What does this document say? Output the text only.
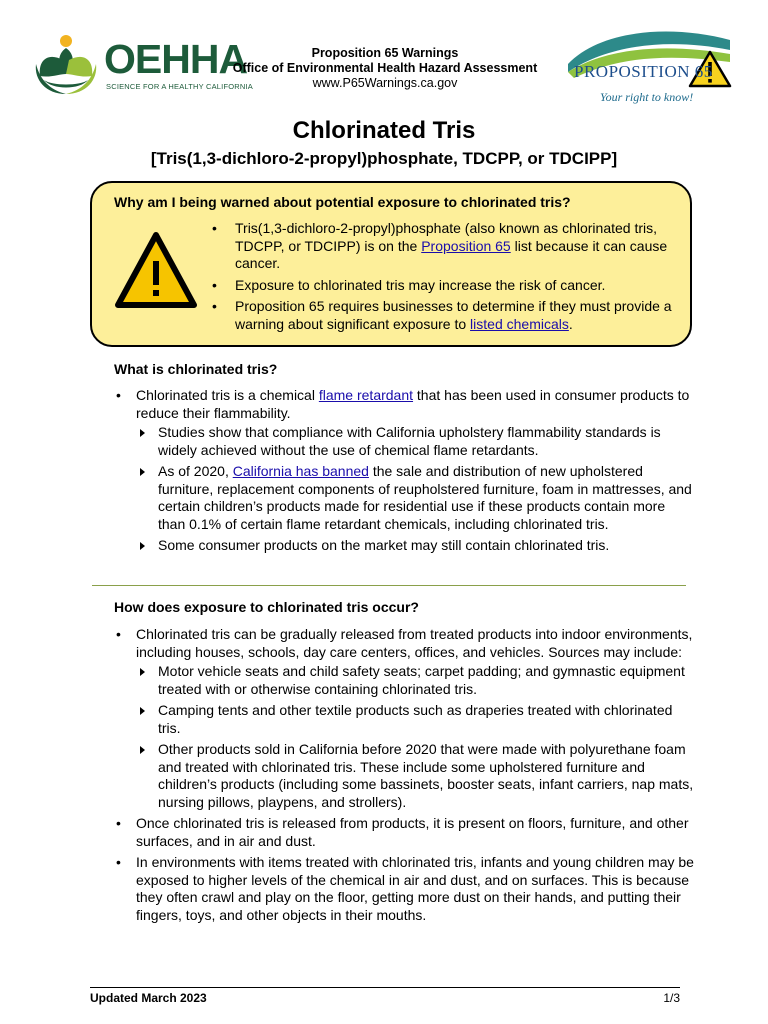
OEHHA
SCIENCE FOR A HEALTHY CALIFORNIA
Proposition 65 Warnings
Office of Environmental Health Hazard Assessment
www.P65Warnings.ca.gov
PROPOSITION 65
Your right to know!
Chlorinated Tris
[Tris(1,3-dichloro-2-propyl)phosphate, TDCPP, or TDCIPP]
Why am I being warned about potential exposure to chlorinated tris?
• Tris(1,3-dichloro-2-propyl)phosphate (also known as chlorinated tris, TDCPP, or TDCIPP) is on the Proposition 65 list because it can cause cancer.
• Exposure to chlorinated tris may increase the risk of cancer.
• Proposition 65 requires businesses to determine if they must provide a warning about significant exposure to listed chemicals.
What is chlorinated tris?
• Chlorinated tris is a chemical flame retardant that has been used in consumer products to reduce their flammability.
Studies show that compliance with California upholstery flammability standards is widely achieved without the use of chemical flame retardants.
As of 2020, California has banned the sale and distribution of new upholstered furniture, replacement components of reupholstered furniture, foam in mattresses, and certain children’s products made for residential use if these products contain more than 0.1% of certain flame retardant chemicals, including chlorinated tris.
Some consumer products on the market may still contain chlorinated tris.
How does exposure to chlorinated tris occur?
• Chlorinated tris can be gradually released from treated products into indoor environments, including houses, schools, day care centers, offices, and vehicles. Sources may include:
Motor vehicle seats and child safety seats; carpet padding; and gymnastic equipment treated with or otherwise containing chlorinated tris.
Camping tents and other textile products such as draperies treated with chlorinated tris.
Other products sold in California before 2020 that were made with polyurethane foam and treated with chlorinated tris. These include some upholstered furniture and children’s products (including some bassinets, booster seats, infant carriers, nap mats, nursing pillows, playpens, and strollers).
• Once chlorinated tris is released from products, it is present on floors, furniture, and other surfaces, and in air and dust.
• In environments with items treated with chlorinated tris, infants and young children may be exposed to higher levels of the chemical in air and dust, and on surfaces. This is because they often crawl and play on the floor, getting more dust on their hands, and putting their fingers, toys, and other objects in their mouths.
Updated March 2023	1/3
